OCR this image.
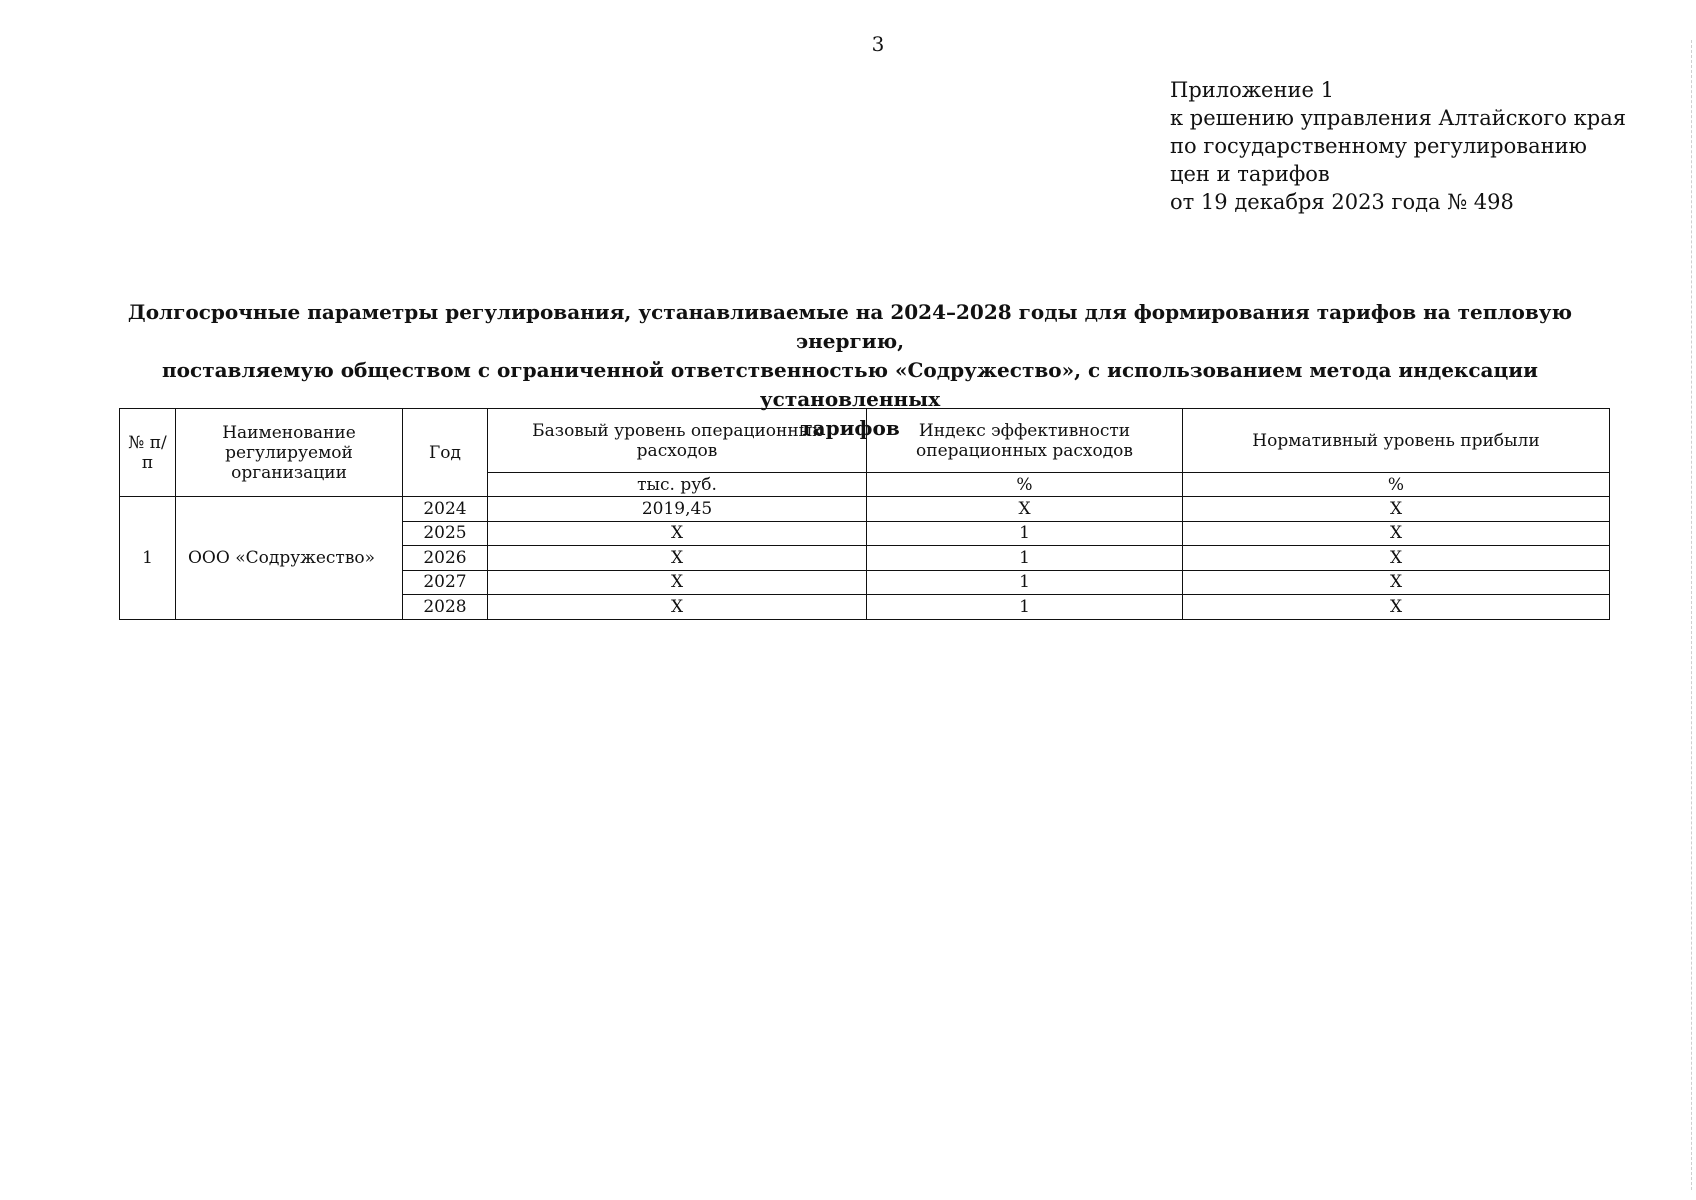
3
Приложение 1
к решению управления Алтайского края
по государственному регулированию
цен и тарифов
от 19 декабря 2023 года № 498
Долгосрочные параметры регулирования, устанавливаемые на 2024–2028 годы для формирования тарифов на тепловую энергию,
поставляемую обществом с ограниченной ответственностью «Содружество», с использованием метода индексации установленных
тарифов
№ п/п	Наименование регулируемой организации	Год	Базовый уровень операционных расходов	Индекс эффективности операционных расходов	Нормативный уровень прибыли
			тыс. руб.	%	%
1	ООО «Содружество»	2024	2019,45	X	X
		2025	X	1	X
		2026	X	1	X
		2027	X	1	X
		2028	X	1	X
